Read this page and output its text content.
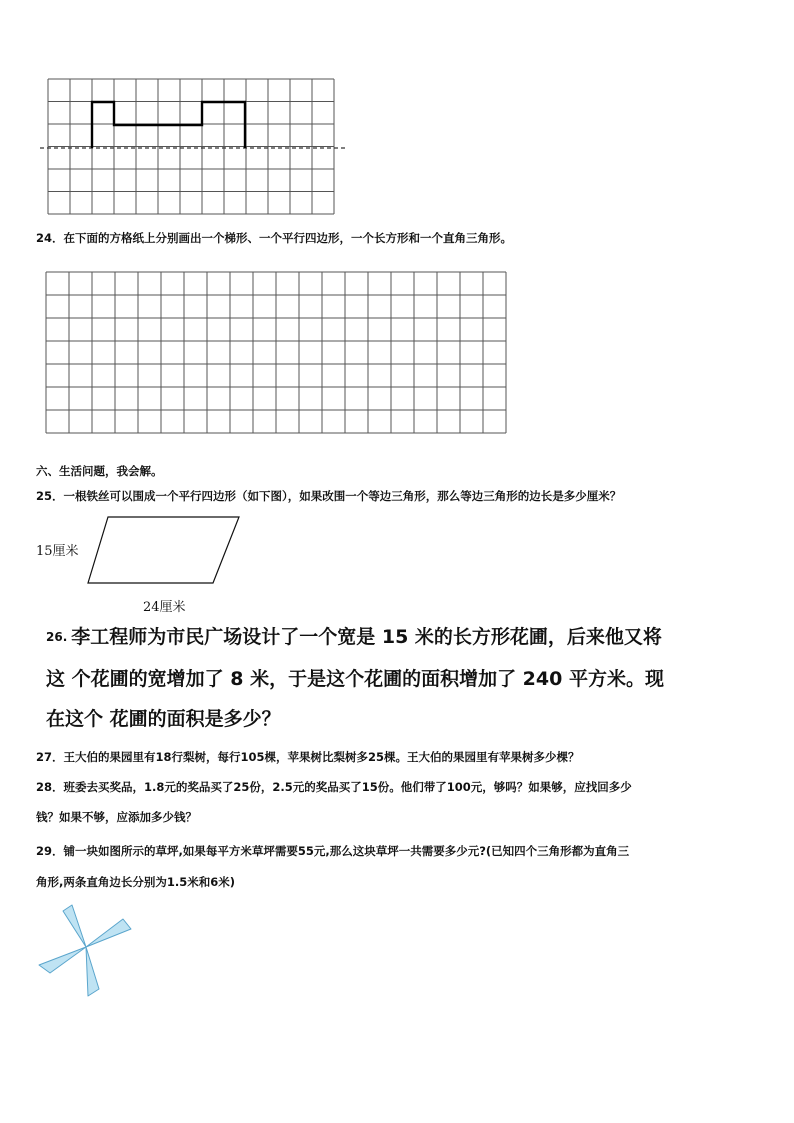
24．在下面的方格纸上分别画出一个梯形、一个平行四边形，一个长方形和一个直角三角形。
六、生活问题，我会解。
25．一根铁丝可以围成一个平行四边形（如下图），如果改围一个等边三角形，那么等边三角形的边长是多少厘米？
15厘米
24厘米
26. 李工程师为市民广场设计了一个宽是 15 米的长方形花圃，后来他又将
这 个花圃的宽增加了 8 米，于是这个花圃的面积增加了 240 平方米。现
在这个 花圃的面积是多少？
27．王大伯的果园里有18行梨树，每行105棵，苹果树比梨树多25棵。王大伯的果园里有苹果树多少棵？
28．班委去买奖品，1.8元的奖品买了25份，2.5元的奖品买了15份。他们带了100元，够吗？如果够，应找回多少
钱？如果不够，应添加多少钱？
29．铺一块如图所示的草坪,如果每平方米草坪需要55元,那么这块草坪一共需要多少元?(已知四个三角形都为直角三
角形,两条直角边长分别为1.5米和6米)
